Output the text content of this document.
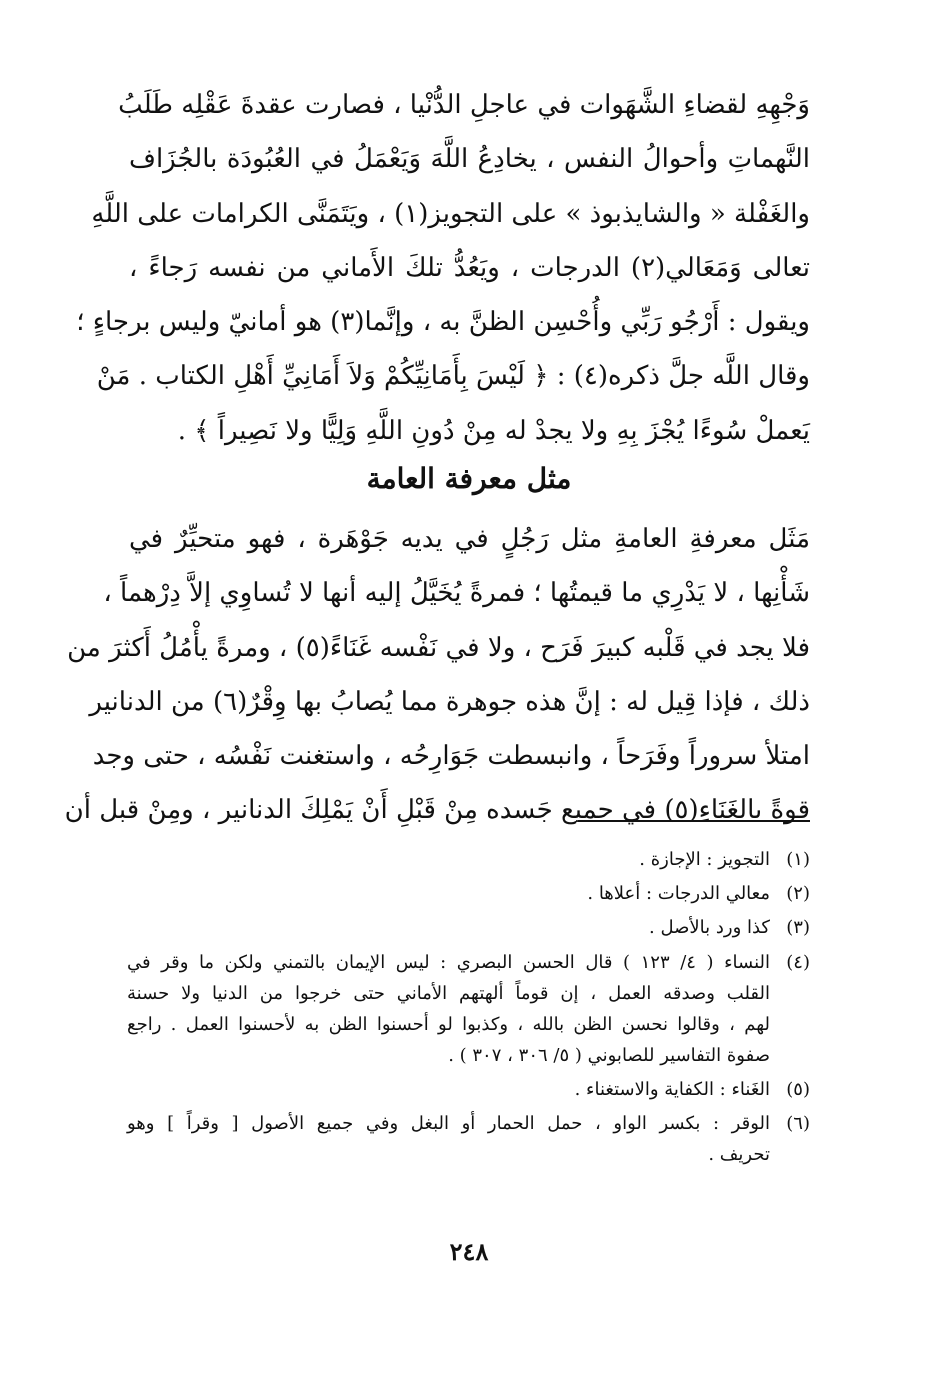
وَجْهِهِ لقضاءِ الشَّهَوات في عاجلِ الدُّنْيا ، فصارت عقدةَ عَقْلِه طَلَبُ
النَّهماتِ وأحوالُ النفس ، يخادِعُ اللَّهَ وَيَعْمَلُ في العُبُودَة بالجُزَاف
والغَفْلة « والشايذبوذ » على التجويز(١) ، ويَتَمَنَّى الكرامات على اللَّهِ
تعالى وَمَعَالي(٢) الدرجات ، ويَعُدُّ تلكَ الأَماني من نفسه رَجاءً ،
ويقول : أَرْجُو رَبِّي وأُحْسِن الظنَّ به ، وإنَّما(٣) هو أمانيّ وليس برجاءٍ ؛
وقال اللَّه جلَّ ذكره(٤) : ﴿ لَيْسَ بِأَمَانِيِّكُمْ وَلاَ أَمَانِيِّ أَهْلِ الكتاب . مَنْ
يَعملْ سُوءًا يُجْزَ بِهِ ولا يجدْ له مِنْ دُونِ اللَّهِ وَلِيًّا ولا نَصِيراً ﴾ .
مثل معرفة العامة
مَثَل معرفةِ العامةِ مثل رَجُلٍ في يديه جَوْهَرة ، فهو متحيِّرٌ في
شَأْنِها ، لا يَدْرِي ما قيمتُها ؛ فمرةً يُخَيَّلُ إليه أنها لا تُساوِي إلاَّ دِرْهماً ،
فلا يجد في قَلْبه كبيرَ فَرَح ، ولا في نَفْسه غَنَاءً(٥) ، ومرةً يأْمُلُ أَكثرَ من
ذلك ، فإذا قِيل له : إنَّ هذه جوهرة مما يُصابُ بها وِقْرٌ(٦) من الدنانير
امتلأ سروراً وفَرَحاً ، وانبسطت جَوَارِحُه ، واستغنت نَفْسُه ، حتى وجد
قوةً بالغَنَاءِ(٥) في جميع جَسده مِنْ قَبْلِ أَنْ يَمْلِكَ الدنانير ، ومِنْ قبل أن
(١)
التجويز : الإجازة .
(٢)
معالي الدرجات : أعلاها .
(٣)
كذا ورد بالأصل .
(٤)
النساء ( ٤/ ١٢٣ ) قال الحسن البصري : ليس الإيمان بالتمني ولكن ما وقر في
القلب وصدقه العمل ، إن قوماً ألهتهم الأماني حتى خرجوا من الدنيا ولا حسنة
لهم ، وقالوا نحسن الظن بالله ، وكذبوا لو أحسنوا الظن به لأحسنوا العمل . راجع
صفوة التفاسير للصابوني ( ٥/ ٣٠٦ ، ٣٠٧ ) .
(٥)
الغَناء : الكفاية والاستغناء .
(٦)
الوقر : بكسر الواو ، حمل الحمار أو البغل وفي جميع الأصول [ وقراً ] وهو
تحريف .
٢٤٨
